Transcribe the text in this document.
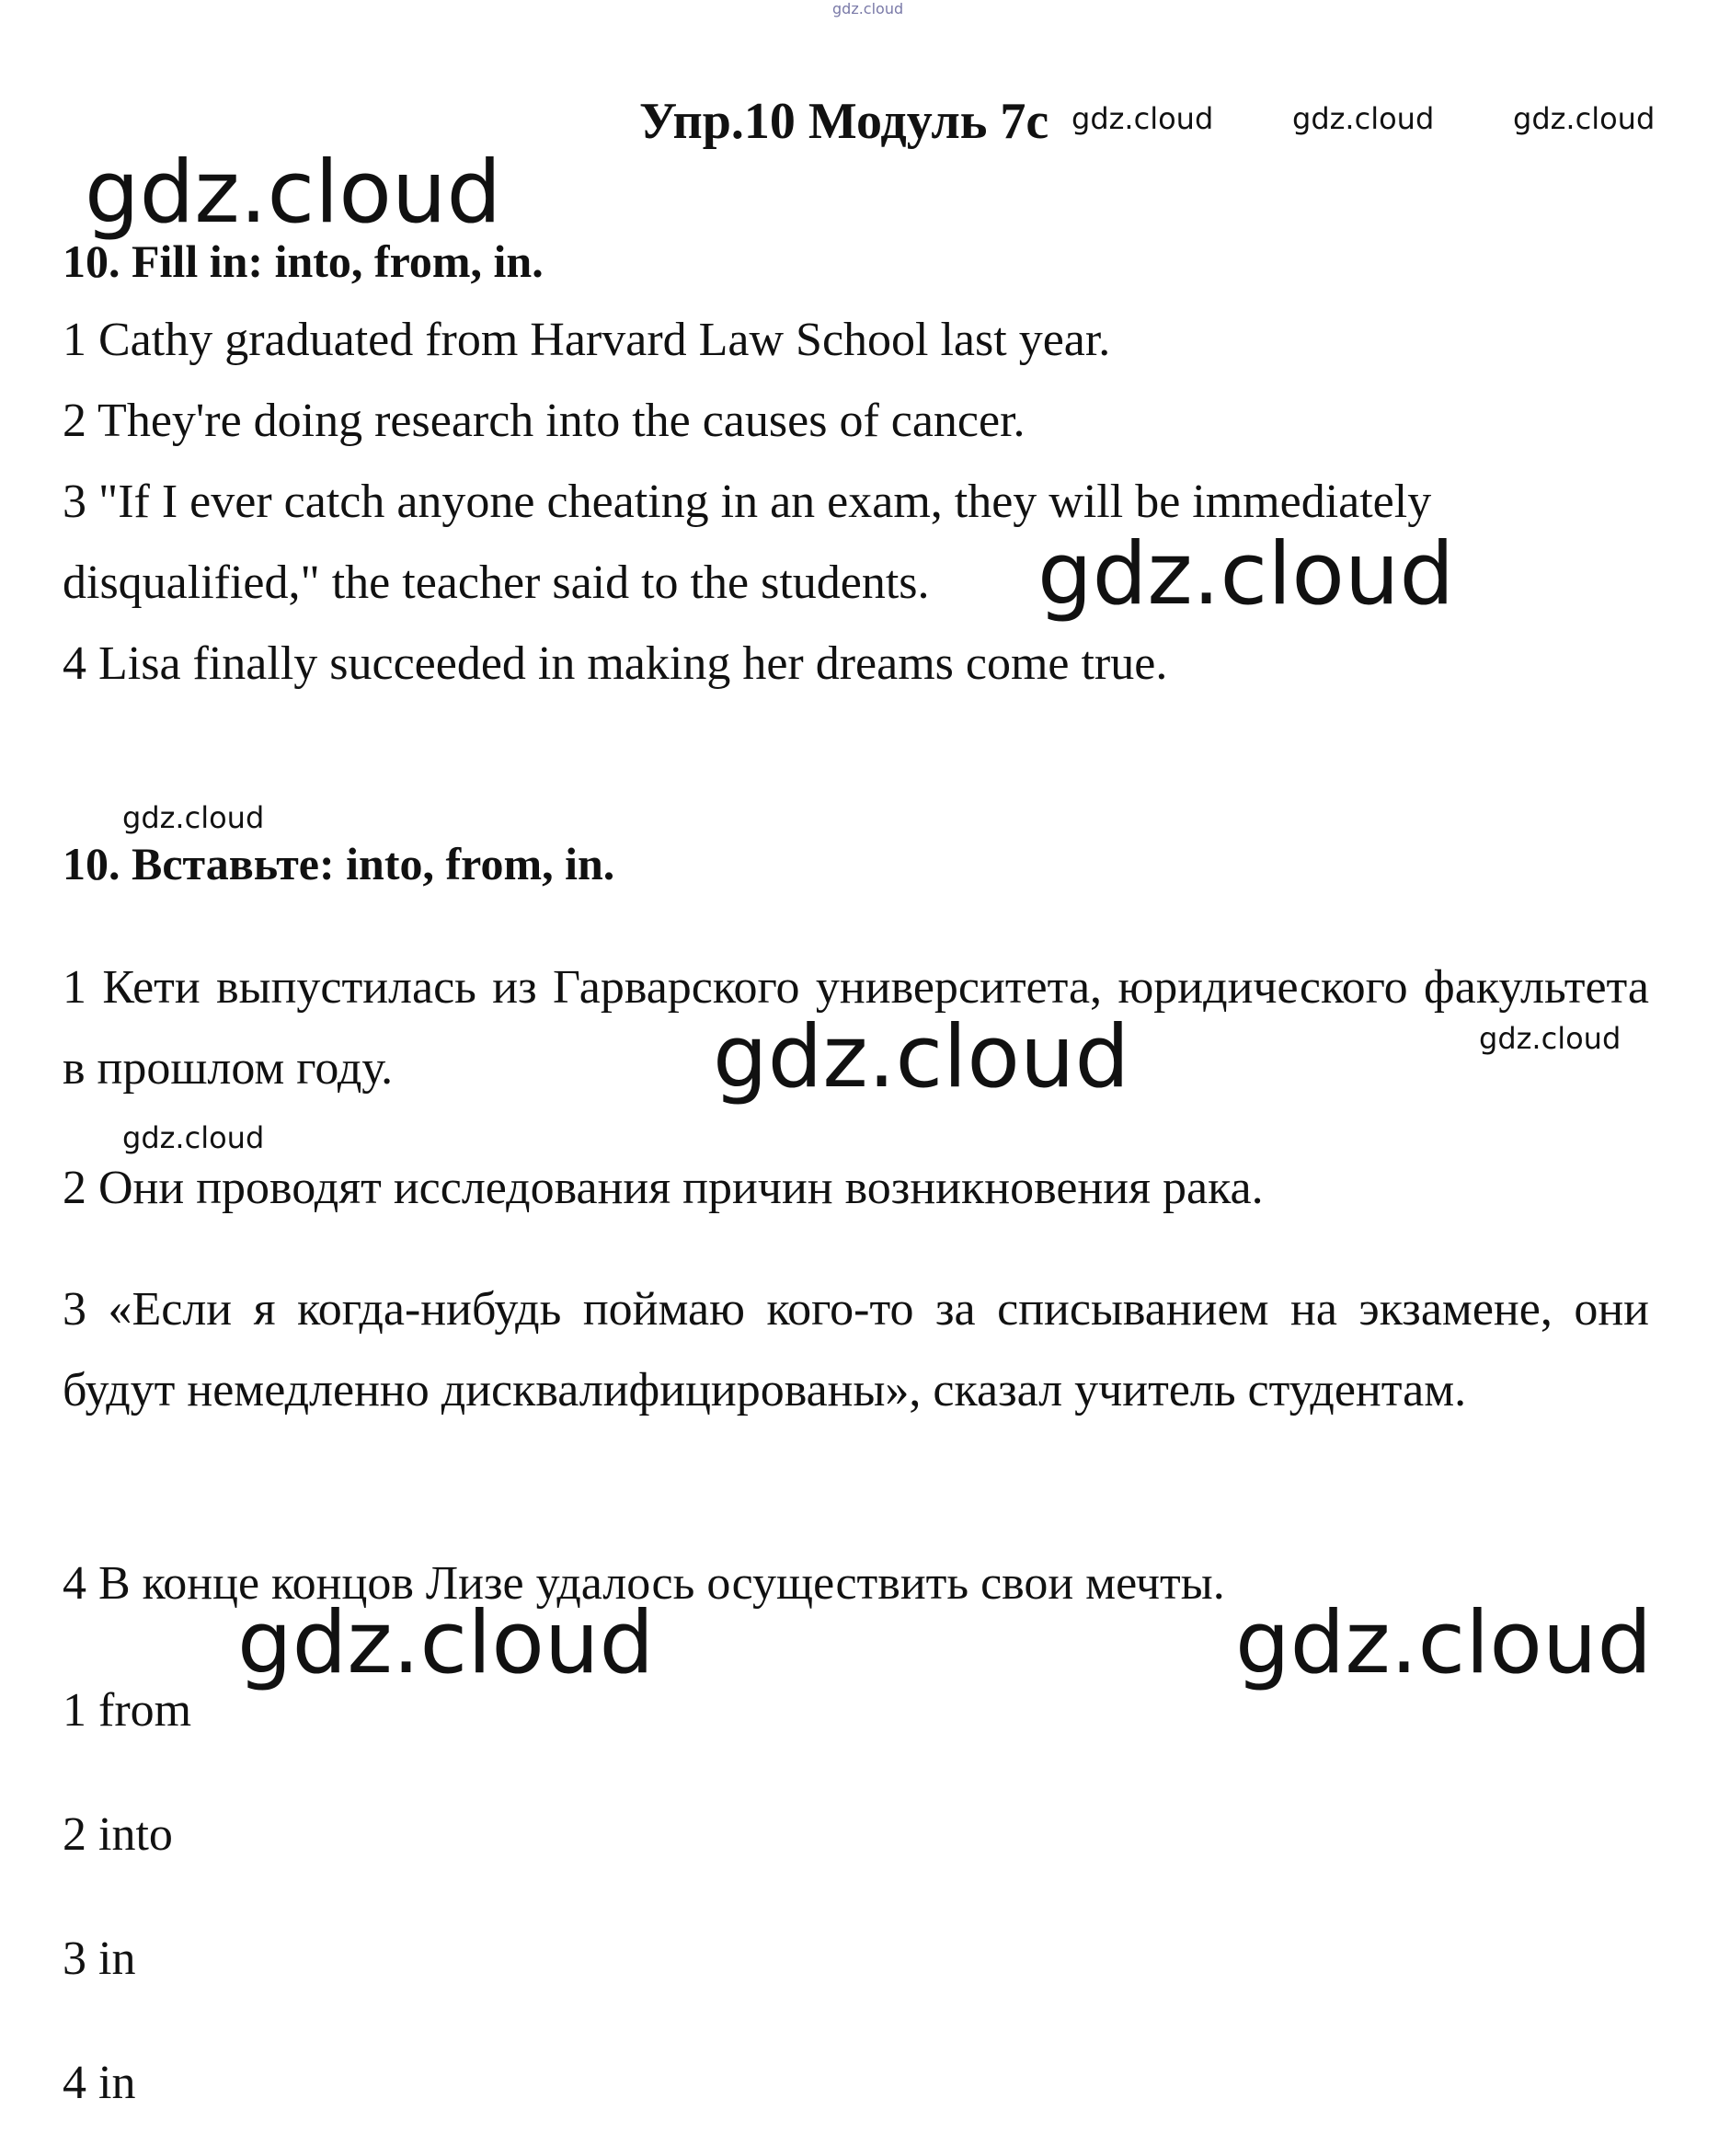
gdz.cloud
Упр.10 Модуль 7c gdz.cloud	gdz.cloud	gdz.cloud
gdz.cloud
10. Fill in: into, from, in.
1 Cathy graduated from Harvard Law School last year.
2 They're doing research into the causes of cancer.
3 "If I ever catch anyone cheating in an exam, they will be immediately
disqualified," the teacher said to the students. gdz.cloud
4 Lisa finally succeeded in making her dreams come true.
gdz.cloud
10. Вставьте: into, from, in.
1 Кети выпустилась из Гарварского университета, юридического факультета в прошлом году.	gdz.cloud	gdz.cloud
gdz.cloud
2 Они проводят исследования причин возникновения рака.
3 «Если я когда-нибудь поймаю кого-то за списыванием на экзамене, они будут немедленно дисквалифицированы», сказал учитель студентам.
4 В конце концов Лизе удалось осуществить свои мечты.
gdz.cloud	gdz.cloud
1 from
2 into
3 in
4 in
